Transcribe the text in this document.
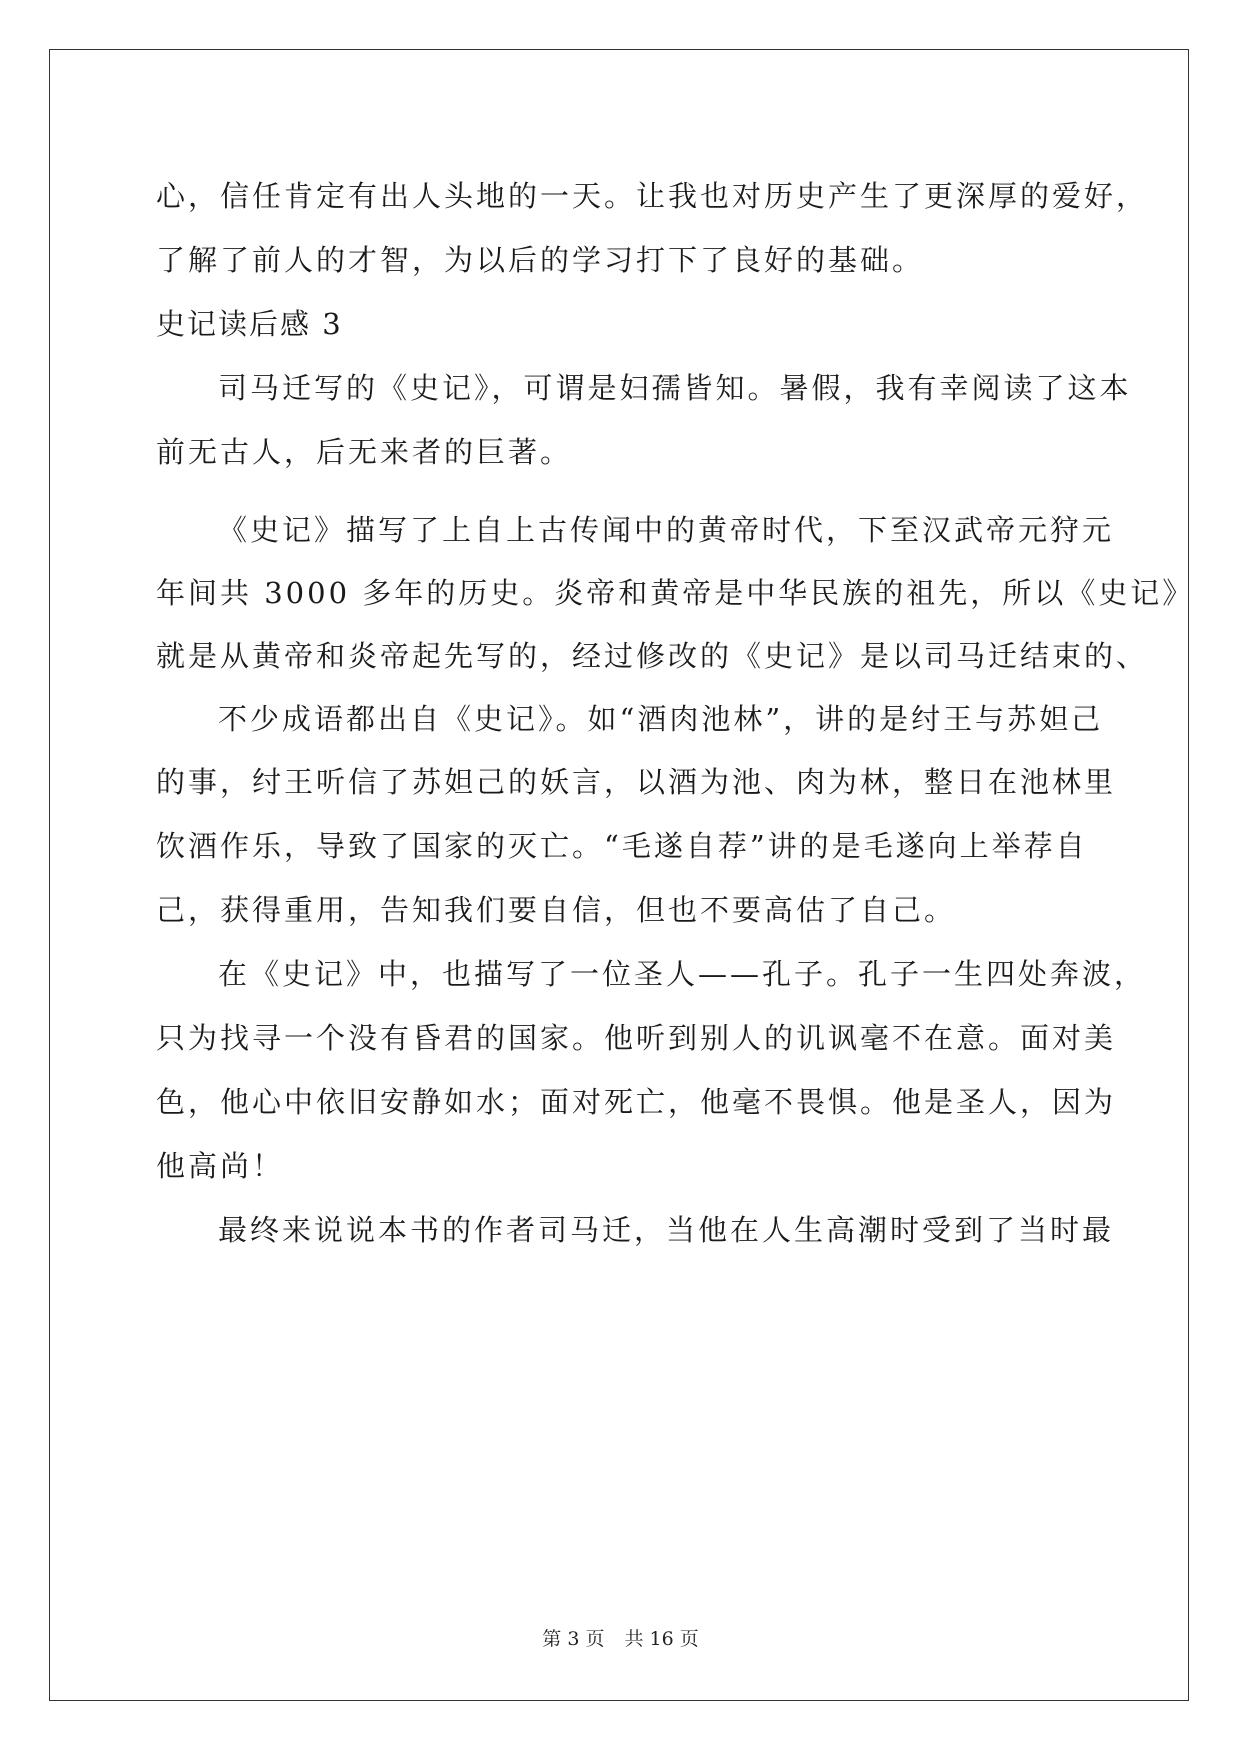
心，信任肯定有出人头地的一天。让我也对历史产生了更深厚的爱好，
了解了前人的才智，为以后的学习打下了良好的基础。
史记读后感 3
司马迁写的《史记》，可谓是妇孺皆知。暑假，我有幸阅读了这本
前无古人，后无来者的巨著。
《史记》描写了上自上古传闻中的黄帝时代，下至汉武帝元狩元
年间共 3000 多年的历史。炎帝和黄帝是中华民族的祖先，所以《史记》
就是从黄帝和炎帝起先写的，经过修改的《史记》是以司马迁结束的、
不少成语都出自《史记》。如“酒肉池林”，讲的是纣王与苏妲己
的事，纣王听信了苏妲己的妖言，以酒为池、肉为林，整日在池林里
饮酒作乐，导致了国家的灭亡。“毛遂自荐”讲的是毛遂向上举荐自
己，获得重用，告知我们要自信，但也不要高估了自己。
在《史记》中，也描写了一位圣人——孔子。孔子一生四处奔波，
只为找寻一个没有昏君的国家。他听到别人的讥讽毫不在意。面对美
色，他心中依旧安静如水；面对死亡，他毫不畏惧。他是圣人，因为
他高尚！
最终来说说本书的作者司马迁，当他在人生高潮时受到了当时最
第 3 页 共 16 页
